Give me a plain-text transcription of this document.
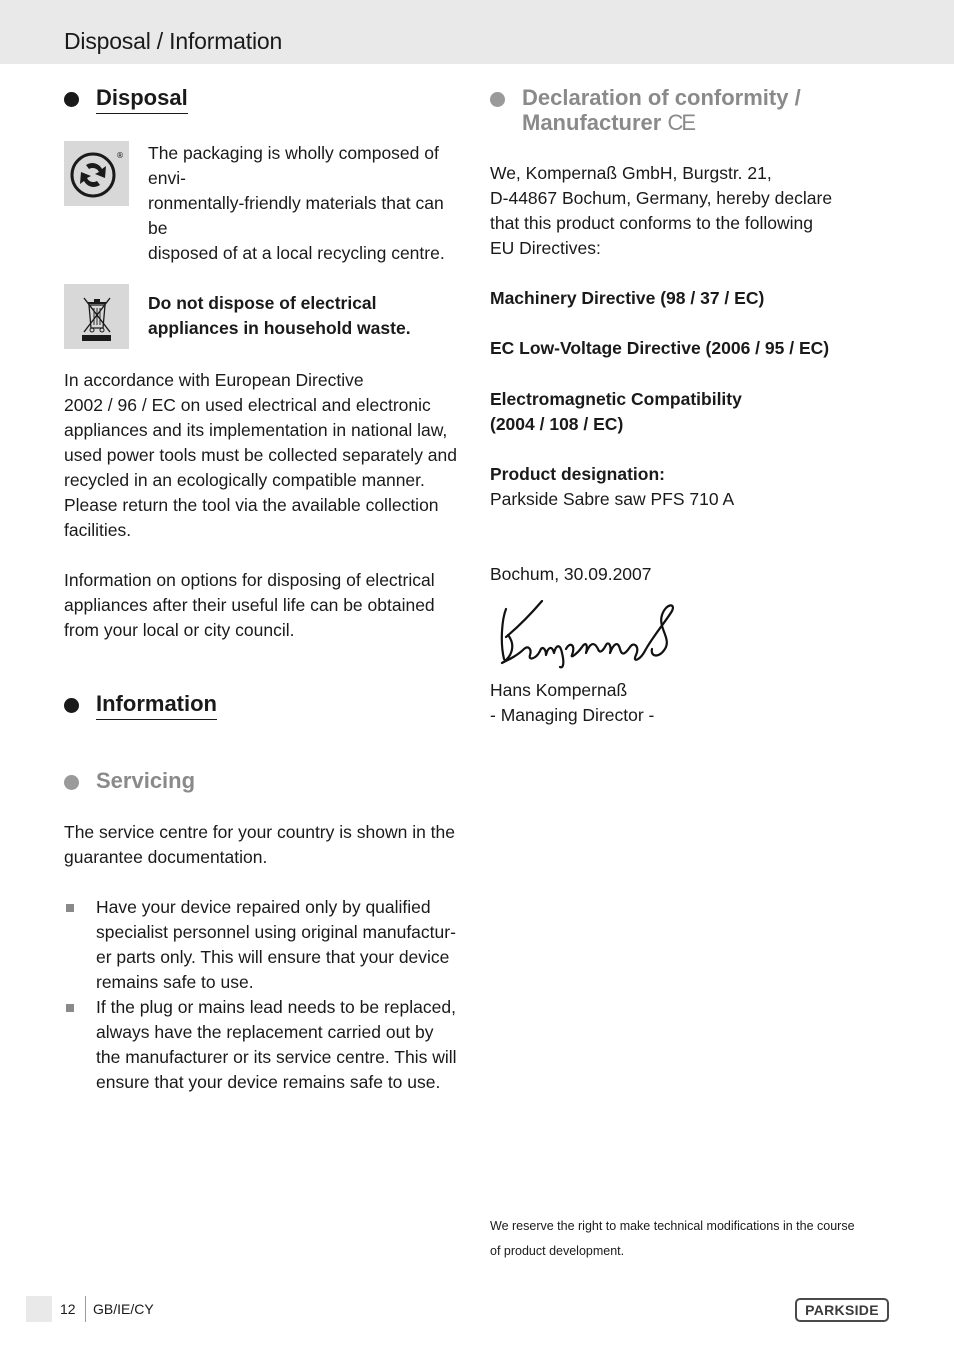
Disposal / Information
Disposal
® The packaging is wholly composed of envi-
ronmentally-friendly materials that can be
disposed of at a local recycling centre.
Do not dispose of electrical
appliances in household waste.
In accordance with European Directive
2002 / 96 / EC on used electrical and electronic
appliances and its implementation in national law,
used power tools must be collected separately and
recycled in an ecologically compatible manner.
Please return the tool via the available collection
facilities.
Information on options for disposing of electrical
appliances after their useful life can be obtained
from your local or city council.
Information
Servicing
The service centre for your country is shown in the
guarantee documentation.
Have your device repaired only by qualified
specialist personnel using original manufactur-
er parts only. This will ensure that your device
remains safe to use.
If the plug or mains lead needs to be replaced,
always have the replacement carried out by
the manufacturer or its service centre. This will
ensure that your device remains safe to use.
Declaration of conformity /
Manufacturer CE
We, Kompernaß GmbH, Burgstr. 21,
D-44867 Bochum, Germany, hereby declare
that this product conforms to the following
EU Directives:
Machinery Directive (98 / 37 / EC)
EC Low-Voltage Directive (2006 / 95 / EC)
Electromagnetic Compatibility
(2004 / 108 / EC)
Product designation:
Parkside Sabre saw PFS 710 A
Bochum, 30.09.2007
Hans Kompernaß
- Managing Director -
We reserve the right to make technical modifications in the course
of product development.
12 GB/IE/CY	PARKSIDE
